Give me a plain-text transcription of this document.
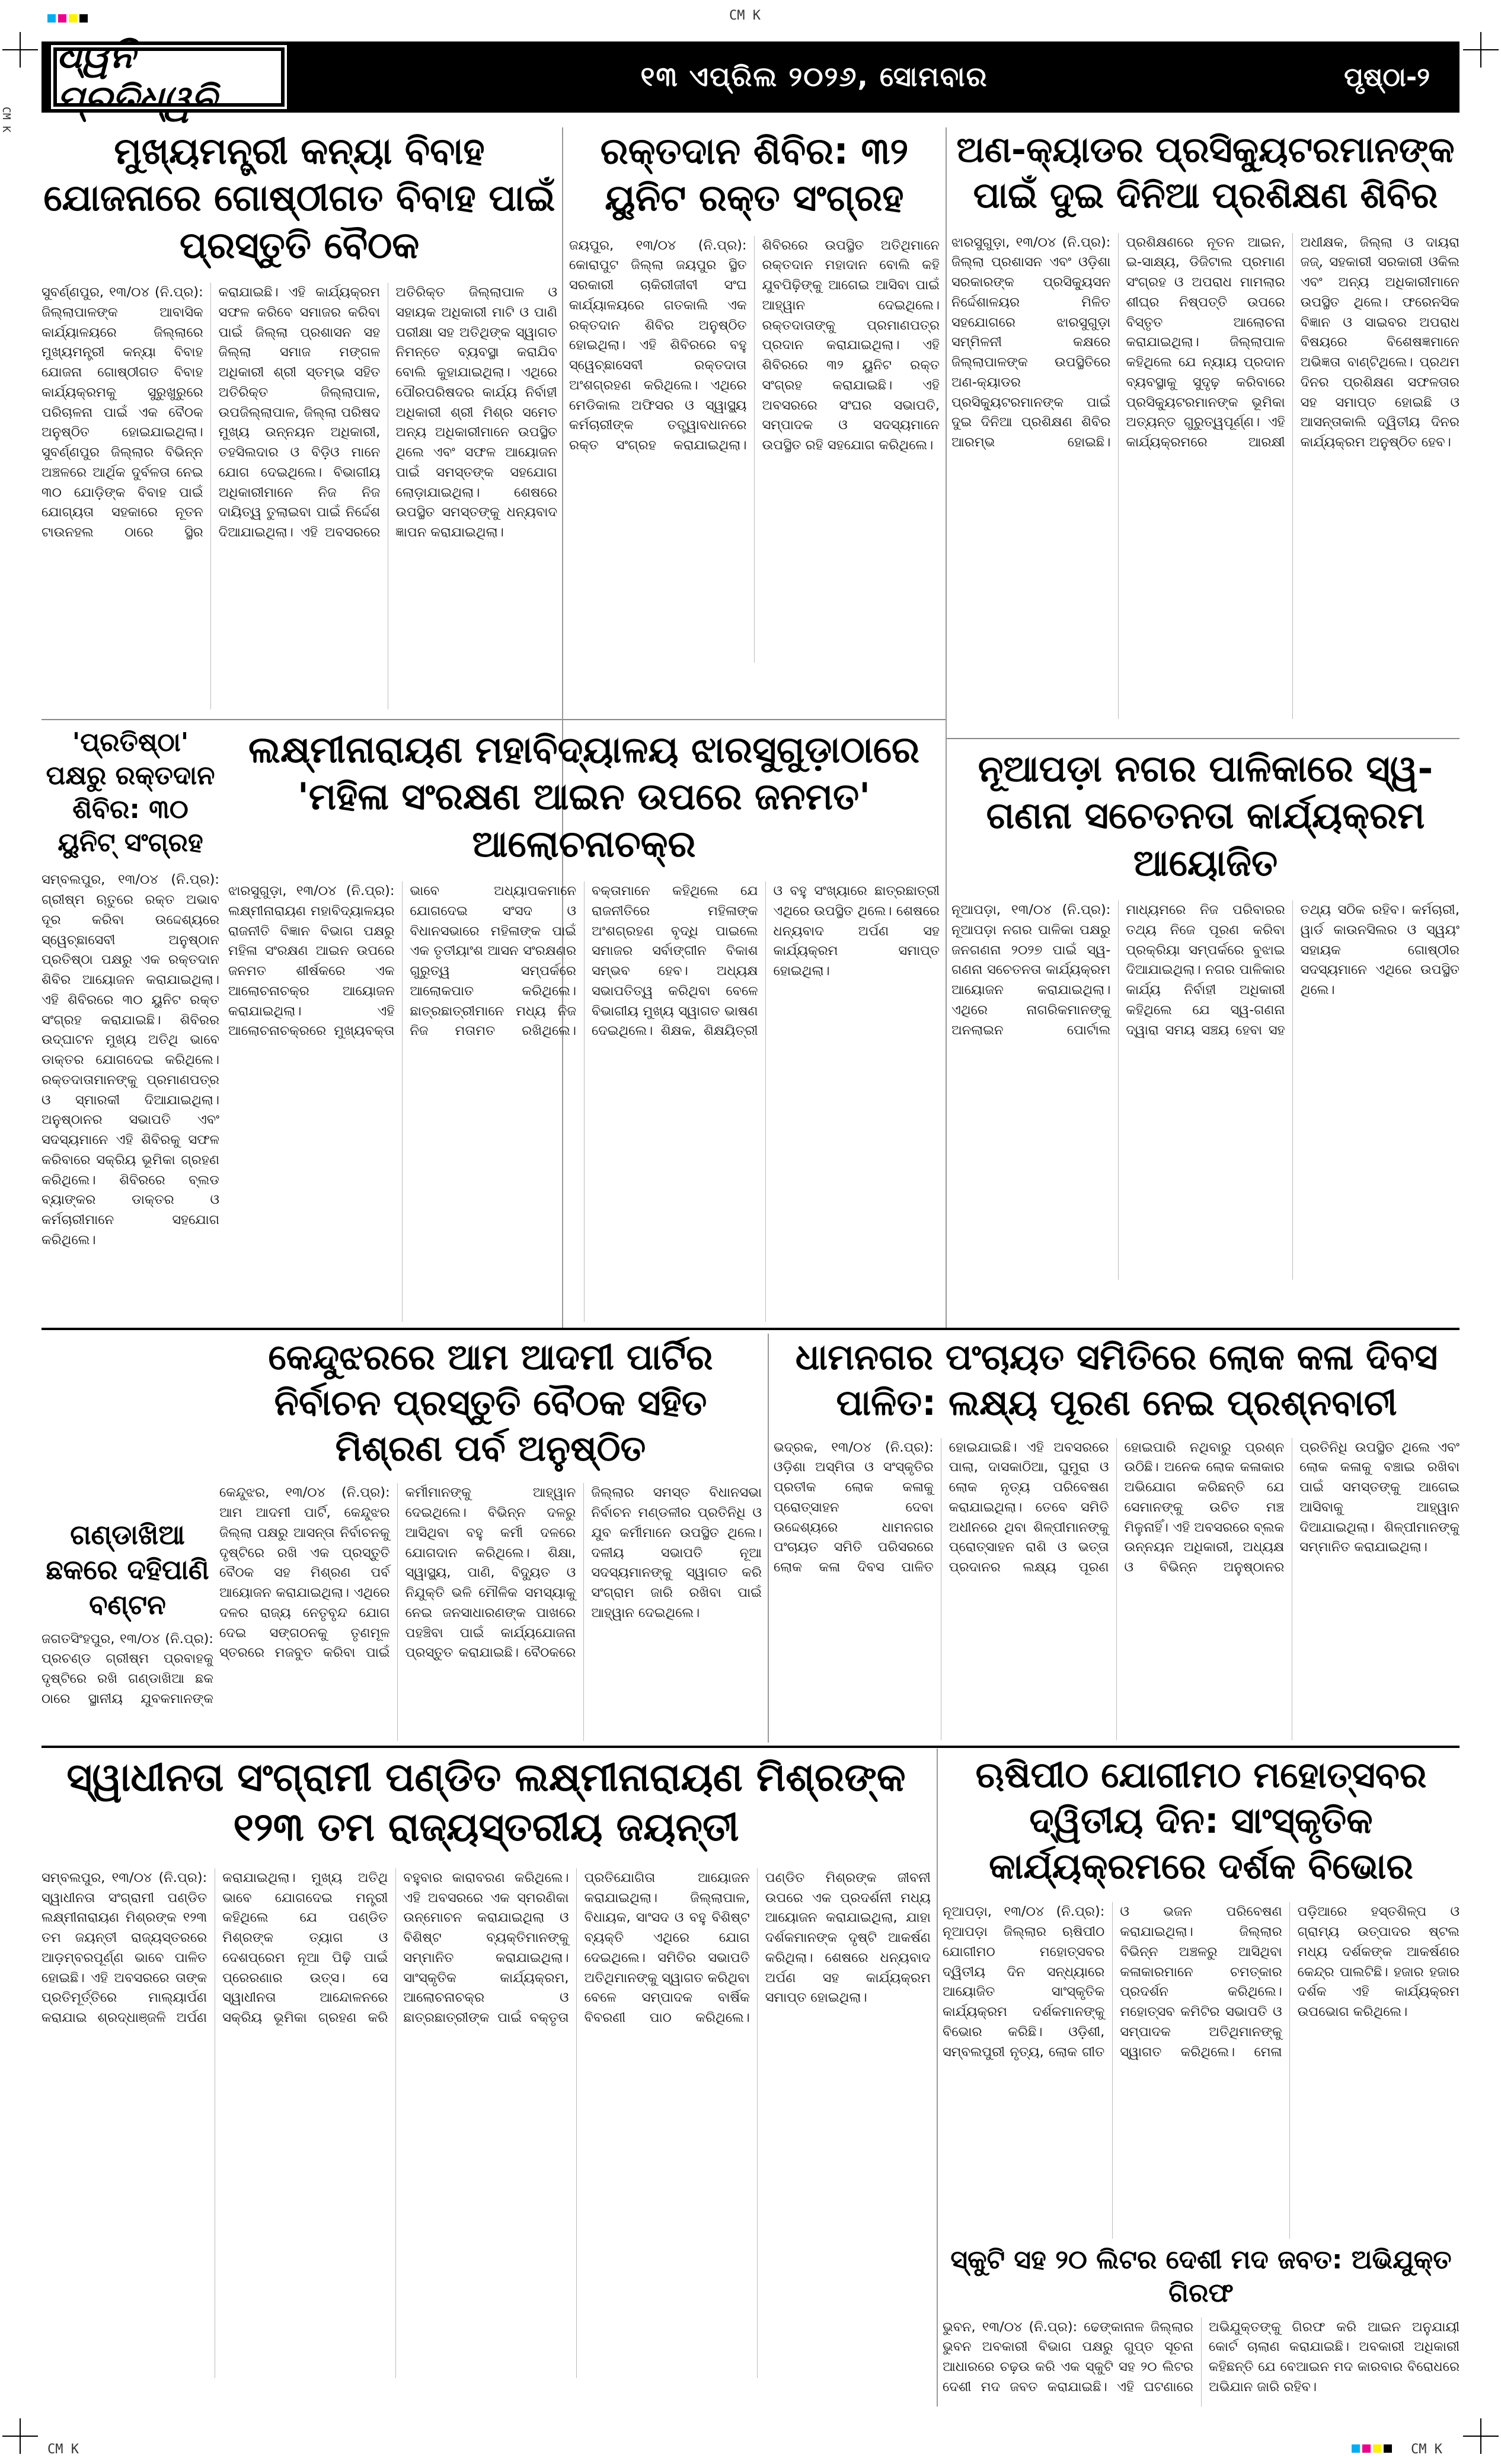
CM K
CM K	CM K
CM K
ଧ୍ୱନି ପ୍ରତିଧ୍ୱନି
୧୩ ଏପ୍ରିଲ ୨୦୨୬, ସୋମବାର	ପୃଷ୍ଠା-୨
ମୁଖ୍ୟମନ୍ତ୍ରୀ କନ୍ୟା ବିବାହ ଯୋଜନାରେ ଗୋଷ୍ଠୀଗତ ବିବାହ ପାଇଁ ପ୍ରସ୍ତୁତି ବୈଠକ
ସୁବର୍ଣ୍ଣପୁର, ୧୩/୦୪ (ନି.ପ୍ର): ଜିଲ୍ଲାପାଳଙ୍କ ଆବାସିକ କାର୍ଯ୍ୟାଳୟରେ ଜିଲ୍ଲାରେ ମୁଖ୍ୟମନ୍ତ୍ରୀ କନ୍ୟା ବିବାହ ଯୋଜନା ଗୋଷ୍ଠୀଗତ ବିବାହ କାର୍ଯ୍ୟକ୍ରମକୁ ସୁରୁଖୁରୁରେ ପରିଚାଳନା ପାଇଁ ଏକ ବୈଠକ ଅନୁଷ୍ଠିତ ହୋଇଯାଇଥିଲା। ସୁବର୍ଣ୍ଣପୁର ଜିଲ୍ଲାର ବିଭିନ୍ନ ଅଞ୍ଚଳରେ ଆର୍ଥିକ ଦୁର୍ବଳତା ନେଇ ୩୦ ଯୋଡ଼ିଙ୍କ ବିବାହ ପାଇଁ ଯୋଗ୍ୟତା ସହକାରେ ନୂତନ ଟାଉନହଲ ଠାରେ ସ୍ଥିର କରାଯାଇଛି। ଏହି କାର୍ଯ୍ୟକ୍ରମ ସଫଳ କରିବେ ସମାଜର କରିବା ପାଇଁ ଜିଲ୍ଲା ପ୍ରଶାସନ ସହ ଜିଲ୍ଲା ସମାଜ ମଙ୍ଗଳ ଅଧିକାରୀ ଶ୍ରୀ ସ୍ତମ୍ଭ ସହିତ ଅତିରିକ୍ତ ଜିଲ୍ଲାପାଳ, ଉପଜିଲ୍ଲାପାଳ, ଜିଲ୍ଲା ପରିଷଦ ମୁଖ୍ୟ ଉନ୍ନୟନ ଅଧିକାରୀ, ତହସିଲଦାର ଓ ବିଡ଼ିଓ ମାନେ ଯୋଗ ଦେଇଥିଲେ। ବିଭାଗୀୟ ଅଧିକାରୀମାନେ ନିଜ ନିଜ ଦାୟିତ୍ୱ ତୁଲାଇବା ପାଇଁ ନିର୍ଦ୍ଦେଶ ଦିଆଯାଇଥିଲା। ଏହି ଅବସରରେ ଅତିରିକ୍ତ ଜିଲ୍ଲାପାଳ ଓ ସହାୟକ ଅଧିକାରୀ ମାଟି ଓ ପାଣି ପରୀକ୍ଷା ସହ ଅତିଥିଙ୍କ ସ୍ୱାଗତ ନିମନ୍ତେ ବ୍ୟବସ୍ଥା କରାଯିବ ବୋଲି କୁହାଯାଇଥିଲା। ଏଥିରେ ପୌରପରିଷଦର କାର୍ଯ୍ୟ ନିର୍ବାହୀ ଅଧିକାରୀ ଶ୍ରୀ ମିଶ୍ର ସମେତ ଅନ୍ୟ ଅଧିକାରୀମାନେ ଉପସ୍ଥିତ ଥିଲେ ଏବଂ ସଫଳ ଆୟୋଜନ ପାଇଁ ସମସ୍ତଙ୍କ ସହଯୋଗ ଲୋଡ଼ାଯାଇଥିଲା। ଶେଷରେ ଉପସ୍ଥିତ ସମସ୍ତଙ୍କୁ ଧନ୍ୟବାଦ ଜ୍ଞାପନ କରାଯାଇଥିଲା।
ରକ୍ତଦାନ ଶିବିର: ୩୨ ୟୁନିଟ ରକ୍ତ ସଂଗ୍ରହ
ଜୟପୁର, ୧୩/୦୪ (ନି.ପ୍ର): କୋରାପୁଟ ଜିଲ୍ଲା ଜୟପୁର ସ୍ଥିତ ସରକାରୀ ଚାକିରୀଜୀବୀ ସଂଘ କାର୍ଯ୍ୟାଳୟରେ ଗତକାଲି ଏକ ରକ୍ତଦାନ ଶିବିର ଅନୁଷ୍ଠିତ ହୋଇଥିଲା। ଏହି ଶିବିରରେ ବହୁ ସ୍ୱେଚ୍ଛାସେବୀ ରକ୍ତଦାତା ଅଂଶଗ୍ରହଣ କରିଥିଲେ। ଏଥିରେ ମେଡିକାଲ ଅଫିସର ଓ ସ୍ୱାସ୍ଥ୍ୟ କର୍ମଚାରୀଙ୍କ ତତ୍ତ୍ୱାବଧାନରେ ରକ୍ତ ସଂଗ୍ରହ କରାଯାଇଥିଲା। ଶିବିରରେ ଉପସ୍ଥିତ ଅତିଥିମାନେ ରକ୍ତଦାନ ମହାଦାନ ବୋଲି କହି ଯୁବପିଢ଼ିଙ୍କୁ ଆଗେଇ ଆସିବା ପାଇଁ ଆହ୍ୱାନ ଦେଇଥିଲେ। ରକ୍ତଦାତାଙ୍କୁ ପ୍ରମାଣପତ୍ର ପ୍ରଦାନ କରାଯାଇଥିଲା। ଏହି ଶିବିରରେ ୩୨ ୟୁନିଟ ରକ୍ତ ସଂଗ୍ରହ କରାଯାଇଛି। ଏହି ଅବସରରେ ସଂଘର ସଭାପତି, ସମ୍ପାଦକ ଓ ସଦସ୍ୟମାନେ ଉପସ୍ଥିତ ରହି ସହଯୋଗ କରିଥିଲେ।
ଅଣ-କ୍ୟାଡର ପ୍ରସିକ୍ୟୁଟରମାନଙ୍କ ପାଇଁ ଦୁଇ ଦିନିଆ ପ୍ରଶିକ୍ଷଣ ଶିବିର
ଝାରସୁଗୁଡ଼ା, ୧୩/୦୪ (ନି.ପ୍ର): ଜିଲ୍ଲା ପ୍ରଶାସନ ଏବଂ ଓଡ଼ିଶା ସରକାରଙ୍କ ପ୍ରସିକ୍ୟୁସନ ନିର୍ଦ୍ଦେଶାଳୟର ମିଳିତ ସହଯୋଗରେ ଝାରସୁଗୁଡ଼ା ସମ୍ମିଳନୀ କକ୍ଷରେ ଜିଲ୍ଲାପାଳଙ୍କ ଉପସ୍ଥିତିରେ ଅଣ-କ୍ୟାଡର ପ୍ରସିକ୍ୟୁଟରମାନଙ୍କ ପାଇଁ ଦୁଇ ଦିନିଆ ପ୍ରଶିକ୍ଷଣ ଶିବିର ଆରମ୍ଭ ହୋଇଛି। ପ୍ରଶିକ୍ଷଣରେ ନୂତନ ଆଇନ, ଇ-ସାକ୍ଷ୍ୟ, ଡିଜିଟାଲ ପ୍ରମାଣ ସଂଗ୍ରହ ଓ ଅପରାଧ ମାମଲାର ଶୀଘ୍ର ନିଷ୍ପତ୍ତି ଉପରେ ବିସ୍ତୃତ ଆଲୋଚନା କରାଯାଇଥିଲା। ଜିଲ୍ଲାପାଳ କହିଥିଲେ ଯେ ନ୍ୟାୟ ପ୍ରଦାନ ବ୍ୟବସ୍ଥାକୁ ସୁଦୃଢ଼ କରିବାରେ ପ୍ରସିକ୍ୟୁଟରମାନଙ୍କ ଭୂମିକା ଅତ୍ୟନ୍ତ ଗୁରୁତ୍ୱପୂର୍ଣ୍ଣ। ଏହି କାର୍ଯ୍ୟକ୍ରମରେ ଆରକ୍ଷୀ ଅଧୀକ୍ଷକ, ଜିଲ୍ଲା ଓ ଦାୟରା ଜଜ୍, ସହକାରୀ ସରକାରୀ ଓକିଲ ଏବଂ ଅନ୍ୟ ଅଧିକାରୀମାନେ ଉପସ୍ଥିତ ଥିଲେ। ଫରେନସିକ ବିଜ୍ଞାନ ଓ ସାଇବର ଅପରାଧ ବିଷୟରେ ବିଶେଷଜ୍ଞମାନେ ଅଭିଜ୍ଞତା ବାଣ୍ଟିଥିଲେ। ପ୍ରଥମ ଦିନର ପ୍ରଶିକ୍ଷଣ ସଫଳତାର ସହ ସମାପ୍ତ ହୋଇଛି ଓ ଆସନ୍ତାକାଲି ଦ୍ୱିତୀୟ ଦିନର କାର୍ଯ୍ୟକ୍ରମ ଅନୁଷ୍ଠିତ ହେବ।
'ପ୍ରତିଷ୍ଠା' ପକ୍ଷରୁ ରକ୍ତଦାନ ଶିବିର: ୩୦ ୟୁନିଟ୍ ସଂଗ୍ରହ
ସମ୍ବଲପୁର, ୧୩/୦୪ (ନି.ପ୍ର): ଗ୍ରୀଷ୍ମ ଋତୁରେ ରକ୍ତ ଅଭାବ ଦୂର କରିବା ଉଦ୍ଦେଶ୍ୟରେ ସ୍ୱେଚ୍ଛାସେବୀ ଅନୁଷ୍ଠାନ ପ୍ରତିଷ୍ଠା ପକ୍ଷରୁ ଏକ ରକ୍ତଦାନ ଶିବିର ଆୟୋଜନ କରାଯାଇଥିଲା। ଏହି ଶିବିରରେ ୩୦ ୟୁନିଟ ରକ୍ତ ସଂଗ୍ରହ କରାଯାଇଛି। ଶିବିରର ଉଦ୍‌ଘାଟନ ମୁଖ୍ୟ ଅତିଥି ଭାବେ ଡାକ୍ତର ଯୋଗଦେଇ କରିଥିଲେ। ରକ୍ତଦାତାମାନଙ୍କୁ ପ୍ରମାଣପତ୍ର ଓ ସ୍ମାରକୀ ଦିଆଯାଇଥିଲା। ଅନୁଷ୍ଠାନର ସଭାପତି ଏବଂ ସଦସ୍ୟମାନେ ଏହି ଶିବିରକୁ ସଫଳ କରିବାରେ ସକ୍ରିୟ ଭୂମିକା ଗ୍ରହଣ କରିଥିଲେ। ଶିବିରରେ ବ୍ଲଡ ବ୍ୟାଙ୍କର ଡାକ୍ତର ଓ କର୍ମଚାରୀମାନେ ସହଯୋଗ କରିଥିଲେ।
ଲକ୍ଷ୍ମୀନାରାୟଣ ମହାବିଦ୍ୟାଳୟ ଝାରସୁଗୁଡ଼ାଠାରେ 'ମହିଳା ସଂରକ୍ଷଣ ଆଇନ ଉପରେ ଜନମତ' ଆଲୋଚନାଚକ୍ର
ଝାରସୁଗୁଡ଼ା, ୧୩/୦୪ (ନି.ପ୍ର): ଲକ୍ଷ୍ମୀନାରାୟଣ ମହାବିଦ୍ୟାଳୟର ରାଜନୀତି ବିଜ୍ଞାନ ବିଭାଗ ପକ୍ଷରୁ ମହିଳା ସଂରକ୍ଷଣ ଆଇନ ଉପରେ ଜନମତ ଶୀର୍ଷକରେ ଏକ ଆଲୋଚନାଚକ୍ର ଆୟୋଜନ କରାଯାଇଥିଲା। ଏହି ଆଲୋଚନାଚକ୍ରରେ ମୁଖ୍ୟବକ୍ତା ଭାବେ ଅଧ୍ୟାପକମାନେ ଯୋଗଦେଇ ସଂସଦ ଓ ବିଧାନସଭାରେ ମହିଳାଙ୍କ ପାଇଁ ଏକ ତୃତୀୟାଂଶ ଆସନ ସଂରକ୍ଷଣର ଗୁରୁତ୍ୱ ସମ୍ପର୍କରେ ଆଲୋକପାତ କରିଥିଲେ। ଛାତ୍ରଛାତ୍ରୀମାନେ ମଧ୍ୟ ନିଜ ନିଜ ମତାମତ ରଖିଥିଲେ। ବକ୍ତାମାନେ କହିଥିଲେ ଯେ ରାଜନୀତିରେ ମହିଳାଙ୍କ ଅଂଶଗ୍ରହଣ ବୃଦ୍ଧି ପାଇଲେ ସମାଜର ସର୍ବାଙ୍ଗୀନ ବିକାଶ ସମ୍ଭବ ହେବ। ଅଧ୍ୟକ୍ଷ ସଭାପତିତ୍ୱ କରିଥିବା ବେଳେ ବିଭାଗୀୟ ମୁଖ୍ୟ ସ୍ୱାଗତ ଭାଷଣ ଦେଇଥିଲେ। ଶିକ୍ଷକ, ଶିକ୍ଷୟିତ୍ରୀ ଓ ବହୁ ସଂଖ୍ୟାରେ ଛାତ୍ରଛାତ୍ରୀ ଏଥିରେ ଉପସ୍ଥିତ ଥିଲେ। ଶେଷରେ ଧନ୍ୟବାଦ ଅର୍ପଣ ସହ କାର୍ଯ୍ୟକ୍ରମ ସମାପ୍ତ ହୋଇଥିଲା।
ନୂଆପଡ଼ା ନଗର ପାଳିକାରେ ସ୍ୱ-ଗଣନା ସଚେତନତା କାର୍ଯ୍ୟକ୍ରମ ଆୟୋଜିତ
ନୂଆପଡ଼ା, ୧୩/୦୪ (ନି.ପ୍ର): ନୂଆପଡ଼ା ନଗର ପାଳିକା ପକ୍ଷରୁ ଜନଗଣନା ୨୦୨୭ ପାଇଁ ସ୍ୱ-ଗଣନା ସଚେତନତା କାର୍ଯ୍ୟକ୍ରମ ଆୟୋଜନ କରାଯାଇଥିଲା। ଏଥିରେ ନାଗରିକମାନଙ୍କୁ ଅନଲାଇନ ପୋର୍ଟାଲ ମାଧ୍ୟମରେ ନିଜ ପରିବାରର ତଥ୍ୟ ନିଜେ ପୂରଣ କରିବା ପ୍ରକ୍ରିୟା ସମ୍ପର୍କରେ ବୁଝାଇ ଦିଆଯାଇଥିଲା। ନଗର ପାଳିକାର କାର୍ଯ୍ୟ ନିର୍ବାହୀ ଅଧିକାରୀ କହିଥିଲେ ଯେ ସ୍ୱ-ଗଣନା ଦ୍ୱାରା ସମୟ ସଞ୍ଚୟ ହେବା ସହ ତଥ୍ୟ ସଠିକ ରହିବ। କର୍ମଚାରୀ, ୱାର୍ଡ କାଉନସିଲର ଓ ସ୍ୱୟଂ ସହାୟକ ଗୋଷ୍ଠୀର ସଦସ୍ୟମାନେ ଏଥିରେ ଉପସ୍ଥିତ ଥିଲେ।
କେନ୍ଦୁଝରରେ ଆମ ଆଦମୀ ପାର୍ଟିର ନିର୍ବାଚନ ପ୍ରସ୍ତୁତି ବୈଠକ ସହିତ ମିଶ୍ରଣ ପର୍ବ ଅନୁଷ୍ଠିତ
କେନ୍ଦୁଝର, ୧୩/୦୪ (ନି.ପ୍ର): ଆମ ଆଦମୀ ପାର୍ଟି, କେନ୍ଦୁଝର ଜିଲ୍ଲା ପକ୍ଷରୁ ଆସନ୍ତା ନିର୍ବାଚନକୁ ଦୃଷ୍ଟିରେ ରଖି ଏକ ପ୍ରସ୍ତୁତି ବୈଠକ ସହ ମିଶ୍ରଣ ପର୍ବ ଆୟୋଜନ କରାଯାଇଥିଲା। ଏଥିରେ ଦଳର ରାଜ୍ୟ ନେତୃବୃନ୍ଦ ଯୋଗ ଦେଇ ସଙ୍ଗଠନକୁ ତୃଣମୂଳ ସ୍ତରରେ ମଜବୁତ କରିବା ପାଇଁ କର୍ମୀମାନଙ୍କୁ ଆହ୍ୱାନ ଦେଇଥିଲେ। ବିଭିନ୍ନ ଦଳରୁ ଆସିଥିବା ବହୁ କର୍ମୀ ଦଳରେ ଯୋଗଦାନ କରିଥିଲେ। ଶିକ୍ଷା, ସ୍ୱାସ୍ଥ୍ୟ, ପାଣି, ବିଦ୍ୟୁତ ଓ ନିଯୁକ୍ତି ଭଳି ମୌଳିକ ସମସ୍ୟାକୁ ନେଇ ଜନସାଧାରଣଙ୍କ ପାଖରେ ପହଞ୍ଚିବା ପାଇଁ କାର୍ଯ୍ୟଯୋଜନା ପ୍ରସ୍ତୁତ କରାଯାଇଛି। ବୈଠକରେ ଜିଲ୍ଲାର ସମସ୍ତ ବିଧାନସଭା ନିର୍ବାଚନ ମଣ୍ଡଳୀର ପ୍ରତିନିଧି ଓ ଯୁବ କର୍ମୀମାନେ ଉପସ୍ଥିତ ଥିଲେ। ଦଳୀୟ ସଭାପତି ନୂଆ ସଦସ୍ୟମାନଙ୍କୁ ସ୍ୱାଗତ କରି ସଂଗ୍ରାମ ଜାରି ରଖିବା ପାଇଁ ଆହ୍ୱାନ ଦେଇଥିଲେ।
ଧାମନଗର ପଂଚାୟତ ସମିତିରେ ଲୋକ କଳା ଦିବସ ପାଳିତ: ଲକ୍ଷ୍ୟ ପୂରଣ ନେଇ ପ୍ରଶ୍ନବାଚୀ
ଭଦ୍ରକ, ୧୩/୦୪ (ନି.ପ୍ର): ଓଡ଼ିଶା ଅସ୍ମିତା ଓ ସଂସ୍କୃତିର ପ୍ରତୀକ ଲୋକ କଳାକୁ ପ୍ରୋତ୍ସାହନ ଦେବା ଉଦ୍ଦେଶ୍ୟରେ ଧାମନଗର ପଂଚାୟତ ସମିତି ପରିସରରେ ଲୋକ କଳା ଦିବସ ପାଳିତ ହୋଇଯାଇଛି। ଏହି ଅବସରରେ ପାଲା, ଦାସକାଠିଆ, ଘୁମୁରା ଓ ଲୋକ ନୃତ୍ୟ ପରିବେଷଣ କରାଯାଇଥିଲା। ତେବେ ସମିତି ଅଧୀନରେ ଥିବା ଶିଳ୍ପୀମାନଙ୍କୁ ପ୍ରୋତ୍ସାହନ ରାଶି ଓ ଭତ୍ତା ପ୍ରଦାନର ଲକ୍ଷ୍ୟ ପୂରଣ ହୋଇପାରି ନଥିବାରୁ ପ୍ରଶ୍ନ ଉଠିଛି। ଅନେକ ଲୋକ କଳାକାର ଅଭିଯୋଗ କରିଛନ୍ତି ଯେ ସେମାନଙ୍କୁ ଉଚିତ ମଞ୍ଚ ମିଳୁନାହିଁ। ଏହି ଅବସରରେ ବ୍ଲକ ଉନ୍ନୟନ ଅଧିକାରୀ, ଅଧ୍ୟକ୍ଷ ଓ ବିଭିନ୍ନ ଅନୁଷ୍ଠାନର ପ୍ରତିନିଧି ଉପସ୍ଥିତ ଥିଲେ ଏବଂ ଲୋକ କଳାକୁ ବଞ୍ଚାଇ ରଖିବା ପାଇଁ ସମସ୍ତଙ୍କୁ ଆଗେଇ ଆସିବାକୁ ଆହ୍ୱାନ ଦିଆଯାଇଥିଲା। ଶିଳ୍ପୀମାନଙ୍କୁ ସମ୍ମାନିତ କରାଯାଇଥିଲା।
ଗଣ୍ଡାଖିଆ ଛକରେ ଦହିପାଣି ବଣ୍ଟନ
ଜଗତସିଂହପୁର, ୧୩/୦୪ (ନି.ପ୍ର): ପ୍ରଚଣ୍ଡ ଗ୍ରୀଷ୍ମ ପ୍ରବାହକୁ ଦୃଷ୍ଟିରେ ରଖି ଗଣ୍ଡାଖିଆ ଛକ ଠାରେ ସ୍ଥାନୀୟ ଯୁବକମାନଙ୍କ
ସ୍ୱାଧୀନତା ସଂଗ୍ରାମୀ ପଣ୍ଡିତ ଲକ୍ଷ୍ମୀନାରାୟଣ ମିଶ୍ରଙ୍କ ୧୨୩ ତମ ରାଜ୍ୟସ୍ତରୀୟ ଜୟନ୍ତୀ
ସମ୍ବଲପୁର, ୧୩/୦୪ (ନି.ପ୍ର): ସ୍ୱାଧୀନତା ସଂଗ୍ରାମୀ ପଣ୍ଡିତ ଲକ୍ଷ୍ମୀନାରାୟଣ ମିଶ୍ରଙ୍କ ୧୨୩ ତମ ଜୟନ୍ତୀ ରାଜ୍ୟସ୍ତରରେ ଆଡ଼ମ୍ବରପୂର୍ଣ୍ଣ ଭାବେ ପାଳିତ ହୋଇଛି। ଏହି ଅବସରରେ ତାଙ୍କ ପ୍ରତିମୂର୍ତ୍ତିରେ ମାଲ୍ୟାର୍ପଣ କରାଯାଇ ଶ୍ରଦ୍ଧାଞ୍ଜଳି ଅର୍ପଣ କରାଯାଇଥିଲା। ମୁଖ୍ୟ ଅତିଥି ଭାବେ ଯୋଗଦେଇ ମନ୍ତ୍ରୀ କହିଥିଲେ ଯେ ପଣ୍ଡିତ ମିଶ୍ରଙ୍କ ତ୍ୟାଗ ଓ ଦେଶପ୍ରେମ ନୂଆ ପିଢ଼ି ପାଇଁ ପ୍ରେରଣାର ଉତ୍ସ। ସେ ସ୍ୱାଧୀନତା ଆନ୍ଦୋଳନରେ ସକ୍ରିୟ ଭୂମିକା ଗ୍ରହଣ କରି ବହୁବାର କାରାବରଣ କରିଥିଲେ। ଏହି ଅବସରରେ ଏକ ସ୍ମରଣିକା ଉନ୍ମୋଚନ କରାଯାଇଥିଲା ଓ ବିଶିଷ୍ଟ ବ୍ୟକ୍ତିମାନଙ୍କୁ ସମ୍ମାନିତ କରାଯାଇଥିଲା। ସାଂସ୍କୃତିକ କାର୍ଯ୍ୟକ୍ରମ, ଆଲୋଚନାଚକ୍ର ଓ ଛାତ୍ରଛାତ୍ରୀଙ୍କ ପାଇଁ ବକ୍ତୃତା ପ୍ରତିଯୋଗିତା ଆୟୋଜନ କରାଯାଇଥିଲା। ଜିଲ୍ଲାପାଳ, ବିଧାୟକ, ସାଂସଦ ଓ ବହୁ ବିଶିଷ୍ଟ ବ୍ୟକ୍ତି ଏଥିରେ ଯୋଗ ଦେଇଥିଲେ। ସମିତିର ସଭାପତି ଅତିଥିମାନଙ୍କୁ ସ୍ୱାଗତ କରିଥିବା ବେଳେ ସମ୍ପାଦକ ବାର୍ଷିକ ବିବରଣୀ ପାଠ କରିଥିଲେ। ପଣ୍ଡିତ ମିଶ୍ରଙ୍କ ଜୀବନୀ ଉପରେ ଏକ ପ୍ରଦର୍ଶନୀ ମଧ୍ୟ ଆୟୋଜନ କରାଯାଇଥିଲା, ଯାହା ଦର୍ଶକମାନଙ୍କ ଦୃଷ୍ଟି ଆକର୍ଷଣ କରିଥିଲା। ଶେଷରେ ଧନ୍ୟବାଦ ଅର୍ପଣ ସହ କାର୍ଯ୍ୟକ୍ରମ ସମାପ୍ତ ହୋଇଥିଲା।
ଋଷିପୀଠ ଯୋଗୀମଠ ମହୋତ୍ସବର ଦ୍ୱିତୀୟ ଦିନ: ସାଂସ୍କୃତିକ କାର୍ଯ୍ୟକ୍ରମରେ ଦର୍ଶକ ବିଭୋର
ନୂଆପଡ଼ା, ୧୩/୦୪ (ନି.ପ୍ର): ନୂଆପଡ଼ା ଜିଲ୍ଲାର ଋଷିପୀଠ ଯୋଗୀମଠ ମହୋତ୍ସବର ଦ୍ୱିତୀୟ ଦିନ ସନ୍ଧ୍ୟାରେ ଆୟୋଜିତ ସାଂସ୍କୃତିକ କାର୍ଯ୍ୟକ୍ରମ ଦର୍ଶକମାନଙ୍କୁ ବିଭୋର କରିଛି। ଓଡ଼ିଶୀ, ସମ୍ବଲପୁରୀ ନୃତ୍ୟ, ଲୋକ ଗୀତ ଓ ଭଜନ ପରିବେଷଣ କରାଯାଇଥିଲା। ଜିଲ୍ଲାର ବିଭିନ୍ନ ଅଞ୍ଚଳରୁ ଆସିଥିବା କଳାକାରମାନେ ଚମତ୍କାର ପ୍ରଦର୍ଶନ କରିଥିଲେ। ମହୋତ୍ସବ କମିଟିର ସଭାପତି ଓ ସମ୍ପାଦକ ଅତିଥିମାନଙ୍କୁ ସ୍ୱାଗତ କରିଥିଲେ। ମେଳା ପଡ଼ିଆରେ ହସ୍ତଶିଳ୍ପ ଓ ଗ୍ରାମ୍ୟ ଉତ୍ପାଦର ଷ୍ଟଲ ମଧ୍ୟ ଦର୍ଶକଙ୍କ ଆକର୍ଷଣର କେନ୍ଦ୍ର ପାଲଟିଛି। ହଜାର ହଜାର ଦର୍ଶକ ଏହି କାର୍ଯ୍ୟକ୍ରମ ଉପଭୋଗ କରିଥିଲେ।
ସ୍କୁଟି ସହ ୨୦ ଲିଟର ଦେଶୀ ମଦ ଜବତ: ଅଭିଯୁକ୍ତ ଗିରଫ
ଭୁବନ, ୧୩/୦୪ (ନି.ପ୍ର): ଢେଙ୍କାନାଳ ଜିଲ୍ଲାର ଭୁବନ ଅବକାରୀ ବିଭାଗ ପକ୍ଷରୁ ଗୁପ୍ତ ସୂଚନା ଆଧାରରେ ଚଢ଼ଉ କରି ଏକ ସ୍କୁଟି ସହ ୨୦ ଲିଟର ଦେଶୀ ମଦ ଜବତ କରାଯାଇଛି। ଏହି ଘଟଣାରେ ଅଭିଯୁକ୍ତଙ୍କୁ ଗିରଫ କରି ଆଇନ ଅନୁଯାୟୀ କୋର୍ଟ ଚାଲାଣ କରାଯାଇଛି। ଅବକାରୀ ଅଧିକାରୀ କହିଛନ୍ତି ଯେ ବେଆଇନ ମଦ କାରବାର ବିରୋଧରେ ଅଭିଯାନ ଜାରି ରହିବ।
